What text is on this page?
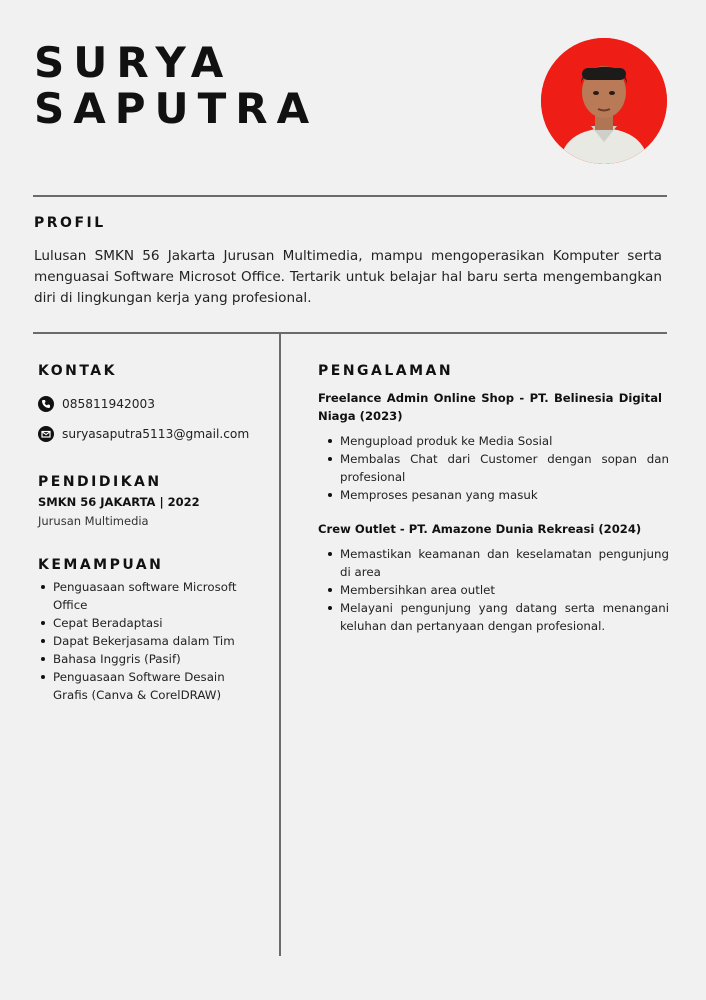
SURYA
SAPUTRA
PROFIL
Lulusan SMKN 56 Jakarta Jurusan Multimedia, mampu mengoperasikan Komputer serta menguasai Software Microsot Office. Tertarik untuk belajar hal baru serta mengembangkan diri di lingkungan kerja yang profesional.
KONTAK
085811942003
suryasaputra5113@gmail.com
PENDIDIKAN
SMKN 56 JAKARTA | 2022
Jurusan Multimedia
KEMAMPUAN
Penguasaan software Microsoft Office
Cepat Beradaptasi
Dapat Bekerjasama dalam Tim
Bahasa Inggris (Pasif)
Penguasaan Software Desain Grafis (Canva & CorelDRAW)
PENGALAMAN
Freelance Admin Online Shop - PT. Belinesia Digital Niaga (2023)
Mengupload produk ke Media Sosial
Membalas Chat dari Customer dengan sopan dan profesional
Memproses pesanan yang masuk
Crew Outlet - PT. Amazone Dunia Rekreasi (2024)
Memastikan keamanan dan keselamatan pengunjung di area
Membersihkan area outlet
Melayani pengunjung yang datang serta menangani keluhan dan pertanyaan dengan profesional.
